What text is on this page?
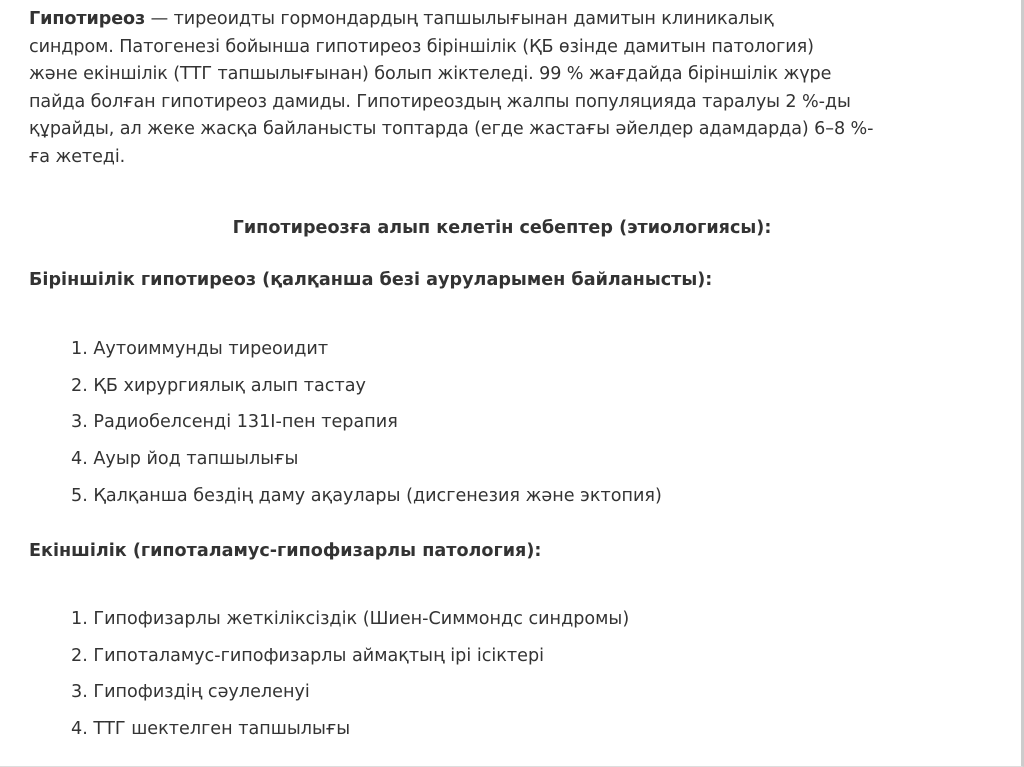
Гипотиреоз — тиреоидты гормондардың тапшылығынан дамитын клиникалық
синдром. Патогенезі бойынша гипотиреоз біріншілік (ҚБ өзінде дамитын патология)
және екіншілік (ТТГ тапшылығынан) болып жіктеледі. 99 % жағдайда біріншілік жүре
пайда болған гипотиреоз дамиды. Гипотиреоздың жалпы популяцияда таралуы 2 %-ды
құрайды, ал жеке жасқа байланысты топтарда (егде жастағы әйелдер адамдарда) 6–8 %-
ға жетеді.

Гипотиреозға алып келетін себептер (этиологиясы):

Біріншілік гипотиреоз (қалқанша безі ауруларымен байланысты):

1. Аутоиммунды тиреоидит
2. ҚБ хирургиялық алып тастау
3. Радиобелсенді 131I-пен терапия
4. Ауыр йод тапшылығы
5. Қалқанша бездің даму ақаулары (дисгенезия және эктопия)

Екіншілік (гипоталамус-гипофизарлы патология):

1. Гипофизарлы жеткіліксіздік (Шиен-Симмондс синдромы)
2. Гипоталамус-гипофизарлы аймақтың ірі ісіктері
3. Гипофиздің сәулеленуі
4. ТТГ шектелген тапшылығы
